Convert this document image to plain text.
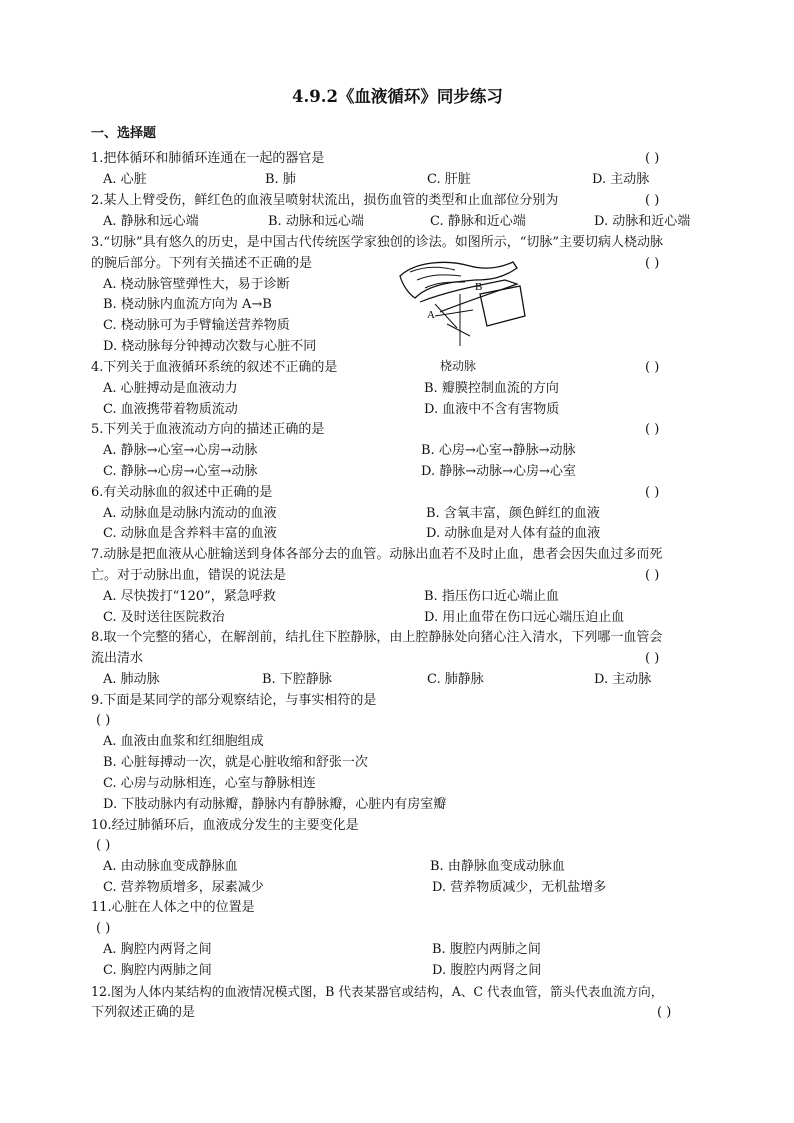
4.9.2《血液循环》同步练习
一、选择题
1.把体循环和肺循环连通在一起的器官是	( )
A. 心脏	B. 肺	C. 肝脏	D. 主动脉
2.某人上臂受伤，鲜红色的血液呈喷射状流出，损伤血管的类型和止血部位分别为	( )
A. 静脉和远心端	B. 动脉和远心端	C. 静脉和近心端	D. 动脉和近心端
3.“切脉”具有悠久的历史，是中国古代传统医学家独创的诊法。如图所示，“切脉”主要切病人桡动脉
的腕后部分。下列有关描述不正确的是	( )
A. 桡动脉管壁弹性大，易于诊断
B. 桡动脉内血流方向为 A→B
C. 桡动脉可为手臂输送营养物质
D. 桡动脉每分钟搏动次数与心脏不同
A
B
桡动脉
4.下列关于血液循环系统的叙述不正确的是	( )
A. 心脏搏动是血液动力	B. 瓣膜控制血流的方向
C. 血液携带着物质流动	D. 血液中不含有害物质
5.下列关于血液流动方向的描述正确的是	( )
A. 静脉→心室→心房→动脉	B. 心房→心室→静脉→动脉
C. 静脉→心房→心室→动脉	D. 静脉→动脉→心房→心室
6.有关动脉血的叙述中正确的是	( )
A. 动脉血是动脉内流动的血液	B. 含氧丰富，颜色鲜红的血液
C. 动脉血是含养料丰富的血液	D. 动脉血是对人体有益的血液
7.动脉是把血液从心脏输送到身体各部分去的血管。动脉出血若不及时止血，患者会因失血过多而死
亡。对于动脉出血，错误的说法是	( )
A. 尽快拨打“120”，紧急呼救	B. 指压伤口近心端止血
C. 及时送往医院救治	D. 用止血带在伤口远心端压迫止血
8.取一个完整的猪心，在解剖前，结扎住下腔静脉，由上腔静脉处向猪心注入清水，下列哪一血管会
流出清水	( )
A. 肺动脉	B. 下腔静脉	C. 肺静脉	D. 主动脉
9.下面是某同学的部分观察结论，与事实相符的是
( )
A. 血液由血浆和红细胞组成
B. 心脏每搏动一次，就是心脏收缩和舒张一次
C. 心房与动脉相连，心室与静脉相连
D. 下肢动脉内有动脉瓣，静脉内有静脉瓣，心脏内有房室瓣
10.经过肺循环后，血液成分发生的主要变化是
( )
A. 由动脉血变成静脉血	B. 由静脉血变成动脉血
C. 营养物质增多，尿素减少	D. 营养物质减少，无机盐增多
11.心脏在人体之中的位置是
( )
A. 胸腔内两肾之间	B. 腹腔内两肺之间
C. 胸腔内两肺之间	D. 腹腔内两肾之间
12.图为人体内某结构的血液情况模式图，B 代表某器官或结构，A、C 代表血管，箭头代表血流方向，
下列叙述正确的是	( )
